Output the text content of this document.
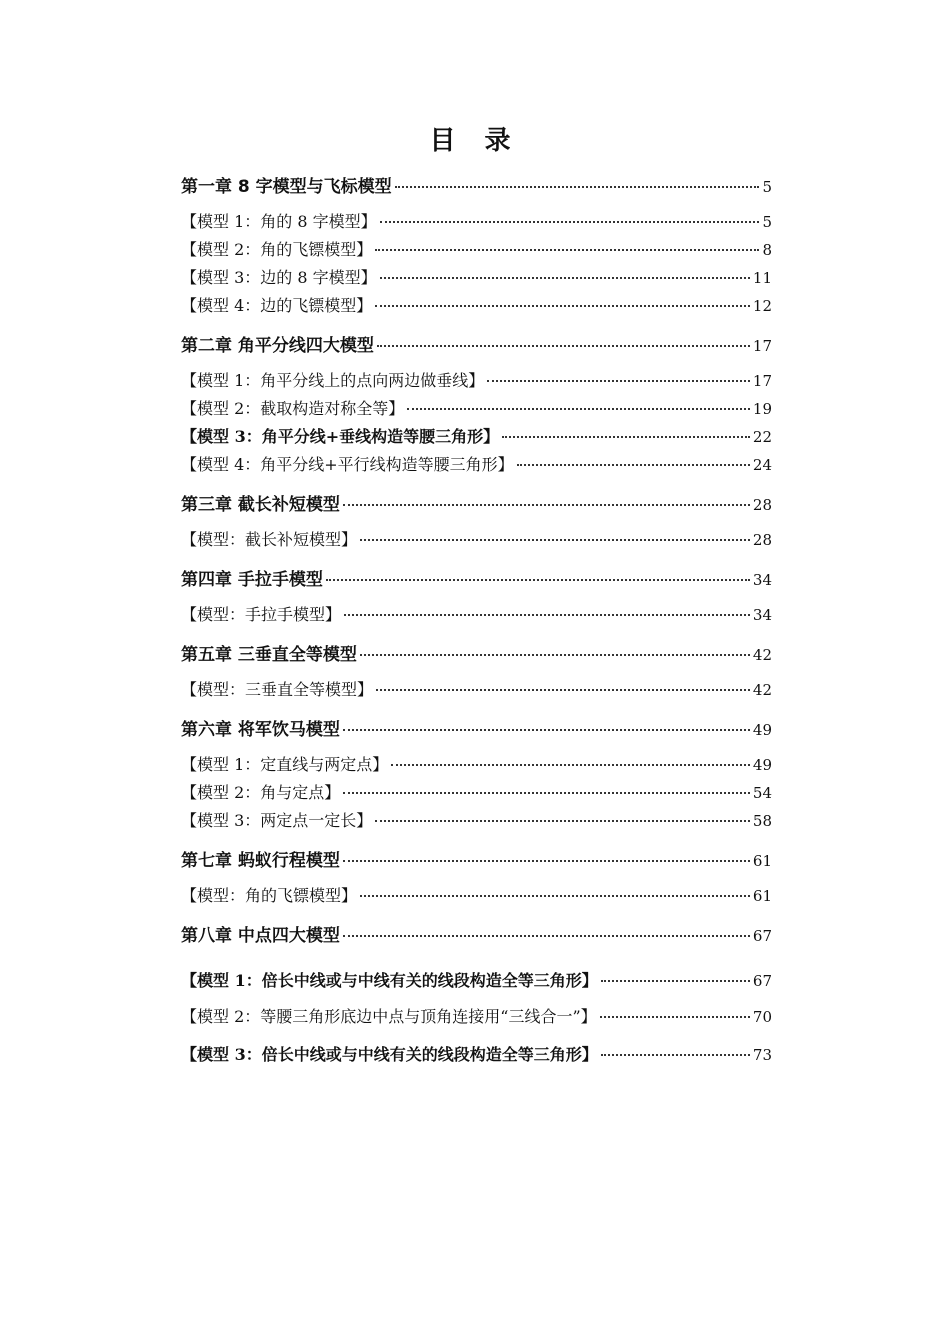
目 录
第一章 8 字模型与飞标模型	5
【模型 1：角的 8 字模型】	5
【模型 2：角的飞镖模型】	8
【模型 3：边的 8 字模型】	11
【模型 4：边的飞镖模型】	12
第二章 角平分线四大模型	17
【模型 1：角平分线上的点向两边做垂线】	17
【模型 2：截取构造对称全等】	19
【模型 3：角平分线+垂线构造等腰三角形】	22
【模型 4：角平分线+平行线构造等腰三角形】	24
第三章 截长补短模型	28
【模型：截长补短模型】	28
第四章 手拉手模型	34
【模型：手拉手模型】	34
第五章 三垂直全等模型	42
【模型：三垂直全等模型】	42
第六章 将军饮马模型	49
【模型 1：定直线与两定点】	49
【模型 2：角与定点】	54
【模型 3：两定点一定长】	58
第七章 蚂蚁行程模型	61
【模型：角的飞镖模型】	61
第八章 中点四大模型	67
【模型 1：倍长中线或与中线有关的线段构造全等三角形】	67
【模型 2：等腰三角形底边中点与顶角连接用“三线合一”】	70
【模型 3：倍长中线或与中线有关的线段构造全等三角形】	73
